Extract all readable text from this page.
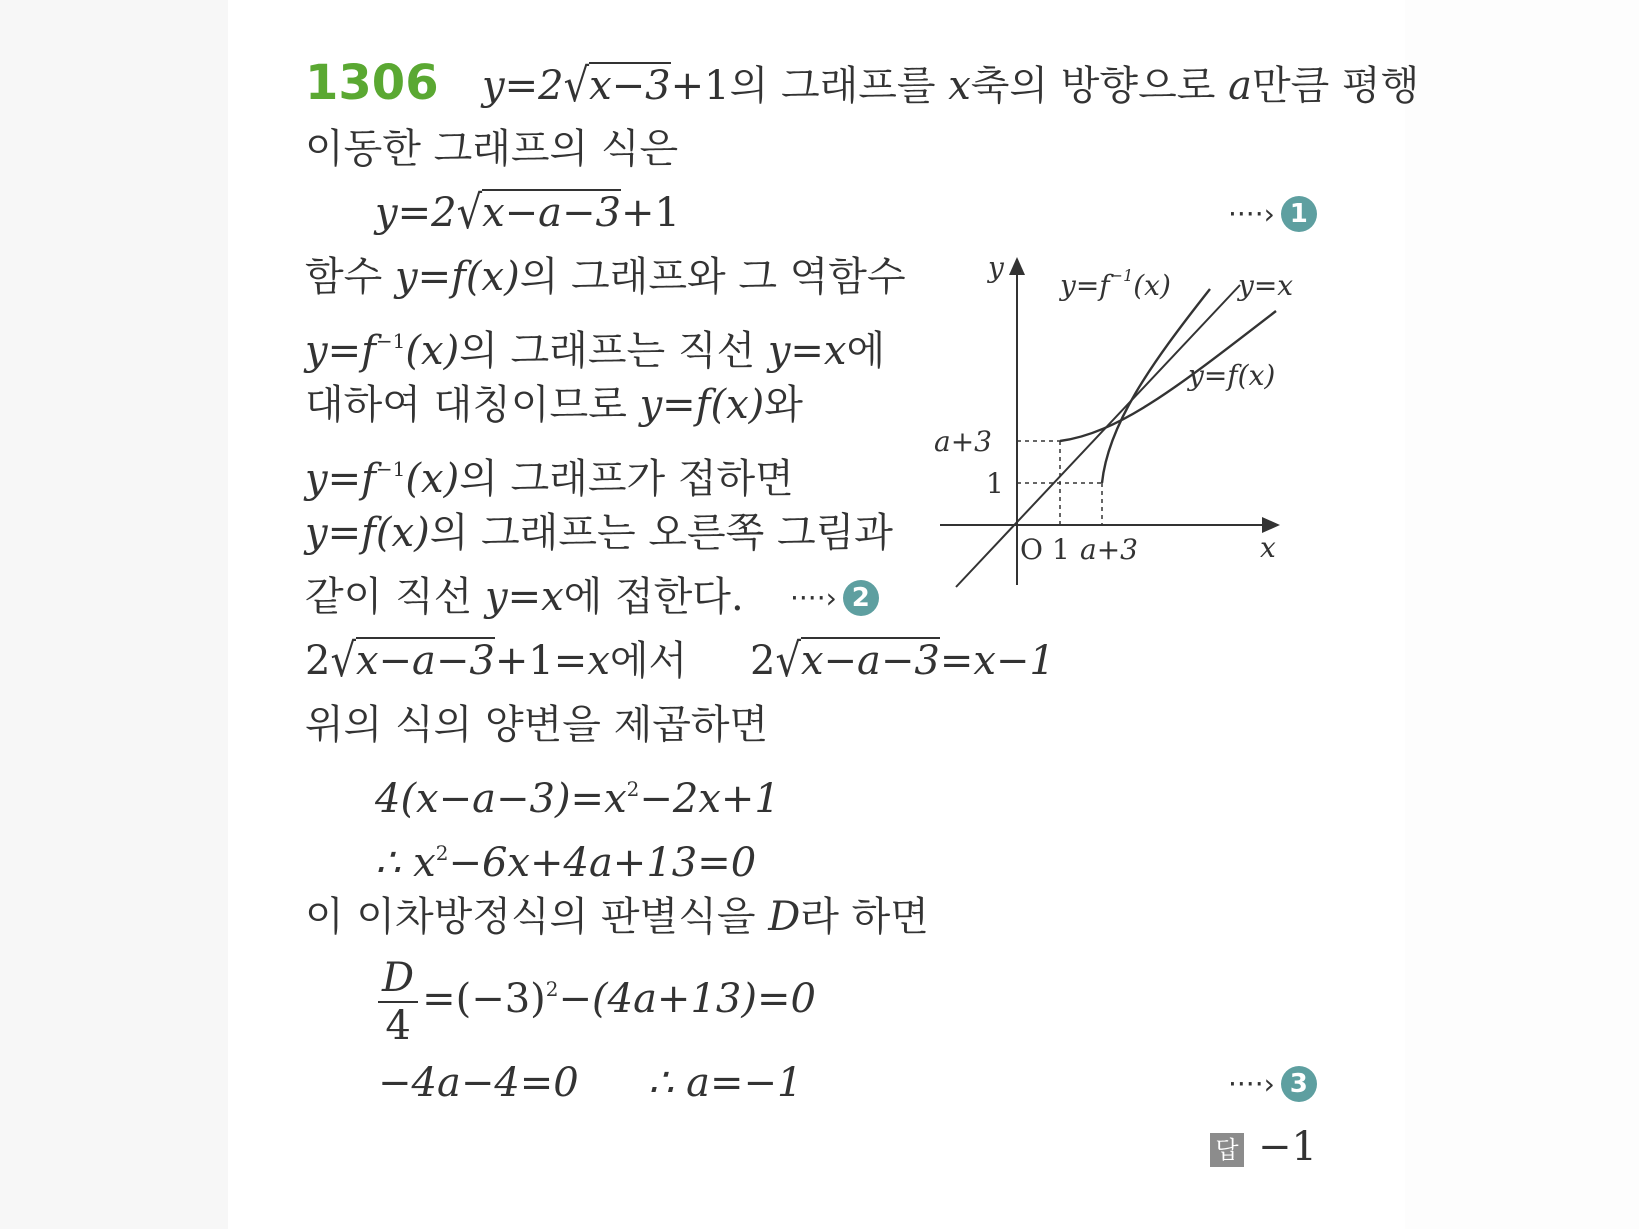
1306 y=2√x−3+1의 그래프를 x축의 방향으로 a만큼 평행
이동한 그래프의 식은
y=2√x−a−3+1	····› 1
함수 y=f(x)의 그래프와 그 역함수
$y=f^{-1}(x)$의 그래프는 직선 y=x에
대하여 대칭이므로 y=f(x)와
$y=f^{-1}(x)$의 그래프가 접하면
y=f(x)의 그래프는 오른쪽 그림과
같이 직선 y=x에 접한다. ····› 2
2√x−a−3+1=x에서 2√x−a−3=x−1
위의 식의 양변을 제곱하면
$4(x-a-3)=x^2-2x+1$
∴ $x^2-6x+4a+13=0$
이 이차방정식의 판별식을 D라 하면
$\frac{D}{4} =(-3)^2-(4a+13)=0$
−4a−4=0 ∴ a=−1	····› 3
답 −1
y
x
O 1 a+3
a+3
1
$y=f^{-1}(x)$ y=x
y=f(x)
